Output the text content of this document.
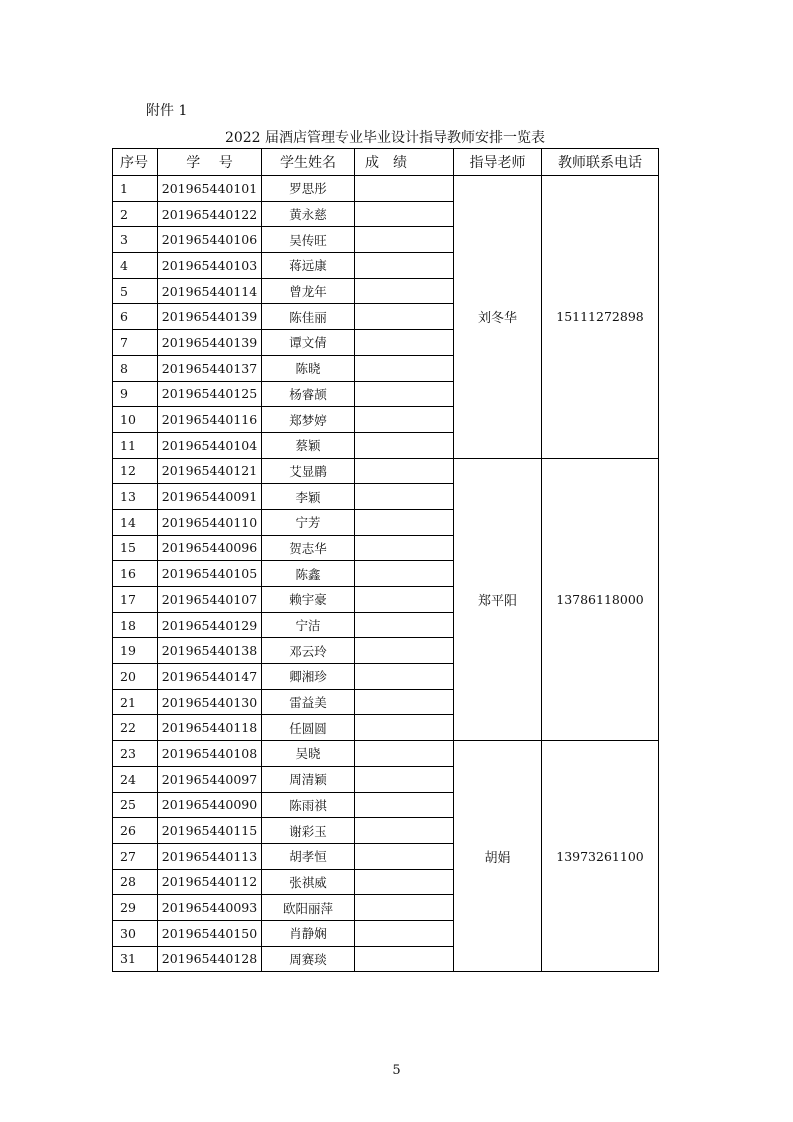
附件 1
2022 届酒店管理专业毕业设计指导教师安排一览表
序号	学　 号	学生姓名	成　绩	指导老师	教师联系电话
1	201965440101	罗思彤		刘冬华	15111272898
2	201965440122	黄永慈			
3	201965440106	吴传旺			
4	201965440103	蒋远康			
5	201965440114	曾龙年			
6	201965440139	陈佳丽			
7	201965440139	谭文倩			
8	201965440137	陈晓			
9	201965440125	杨睿颉			
10	201965440116	郑梦婷			
11	201965440104	蔡颖			
12	201965440121	艾显鹛		郑平阳	13786118000
13	201965440091	李颖			
14	201965440110	宁芳			
15	201965440096	贺志华			
16	201965440105	陈鑫			
17	201965440107	赖宇豪			
18	201965440129	宁洁			
19	201965440138	邓云玲			
20	201965440147	卿湘珍			
21	201965440130	雷益美			
22	201965440118	任圆圆			
23	201965440108	吴晓		胡娟	13973261100
24	201965440097	周清颖			
25	201965440090	陈雨祺			
26	201965440115	谢彩玉			
27	201965440113	胡孝恒			
28	201965440112	张祺威			
29	201965440093	欧阳丽萍			
30	201965440150	肖静娴			
31	201965440128	周赛琰			
5
